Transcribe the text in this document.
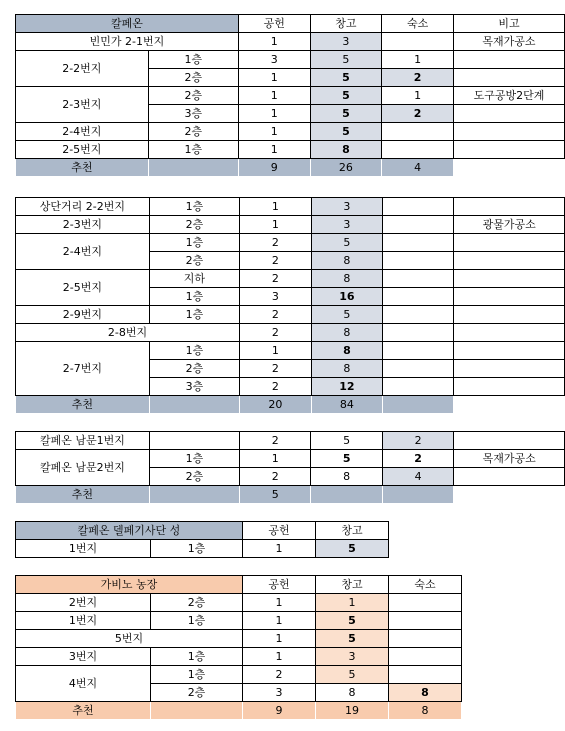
칼페온		공헌	창고	숙소	비고
빈민가 2-1번지		1	3		목재가공소
2-2번지	1층	3	5	1	
	2층	1	5	2	
2-3번지	2층	1	5	1	도구공방2단계
	3층	1	5	2	
2-4번지	2층	1	5		
2-5번지	1층	1	8		
추천		9	26	4	
상단거리 2-2번지	1층	1	3		
2-3번지	2층	1	3		광물가공소
2-4번지	1층	2	5		
	2층	2	8		
2-5번지	지하	2	8		
	1층	3	16		
2-9번지	1층	2	5		
2-8번지		2	8		
2-7번지	1층	1	8		
	2층	2	8		
	3층	2	12		
추천		20	84		
칼페온 남문1번지		2	5	2	
칼페온 남문2번지	1층	1	5	2	목재가공소
	2층	2	8	4	
추천		5			
칼페온 델페기사단 성		공헌	창고
1번지	1층	1	5
가비노 농장		공헌	창고	숙소
2번지	2층	1	1	
1번지	1층	1	5	
5번지		1	5	
3번지	1층	1	3	
4번지	1층	2	5	
	2층	3	8	8
추천		9	19	8
